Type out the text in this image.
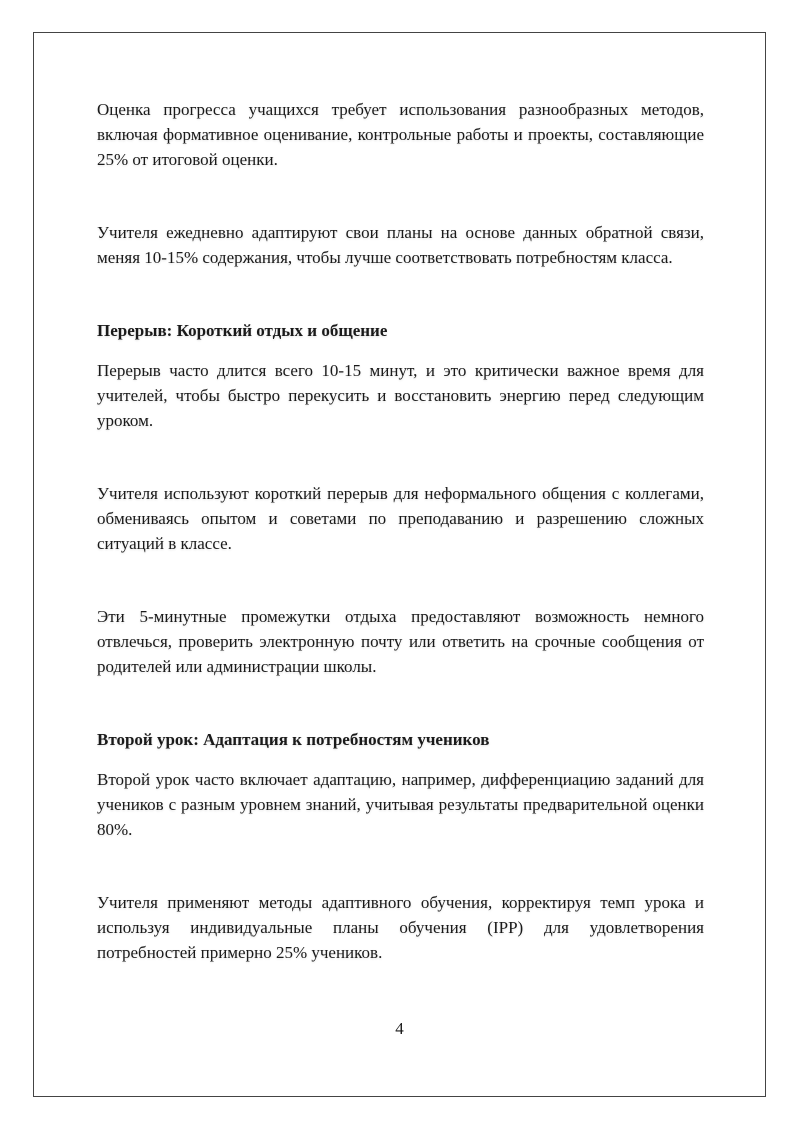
Оценка прогресса учащихся требует использования разнообразных методов, включая формативное оценивание, контрольные работы и проекты, составляющие 25% от итоговой оценки.

Учителя ежедневно адаптируют свои планы на основе данных обратной связи, меняя 10-15% содержания, чтобы лучше соответствовать потребностям класса.

Перерыв: Короткий отдых и общение

Перерыв часто длится всего 10-15 минут, и это критически важное время для учителей, чтобы быстро перекусить и восстановить энергию перед следующим уроком.

Учителя используют короткий перерыв для неформального общения с коллегами, обмениваясь опытом и советами по преподаванию и разрешению сложных ситуаций в классе.

Эти 5-минутные промежутки отдыха предоставляют возможность немного отвлечься, проверить электронную почту или ответить на срочные сообщения от родителей или администрации школы.

Второй урок: Адаптация к потребностям учеников

Второй урок часто включает адаптацию, например, дифференциацию заданий для учеников с разным уровнем знаний, учитывая результаты предварительной оценки 80%.

Учителя применяют методы адаптивного обучения, корректируя темп урока и используя индивидуальные планы обучения (IPP) для удовлетворения потребностей примерно 25% учеников.

4
